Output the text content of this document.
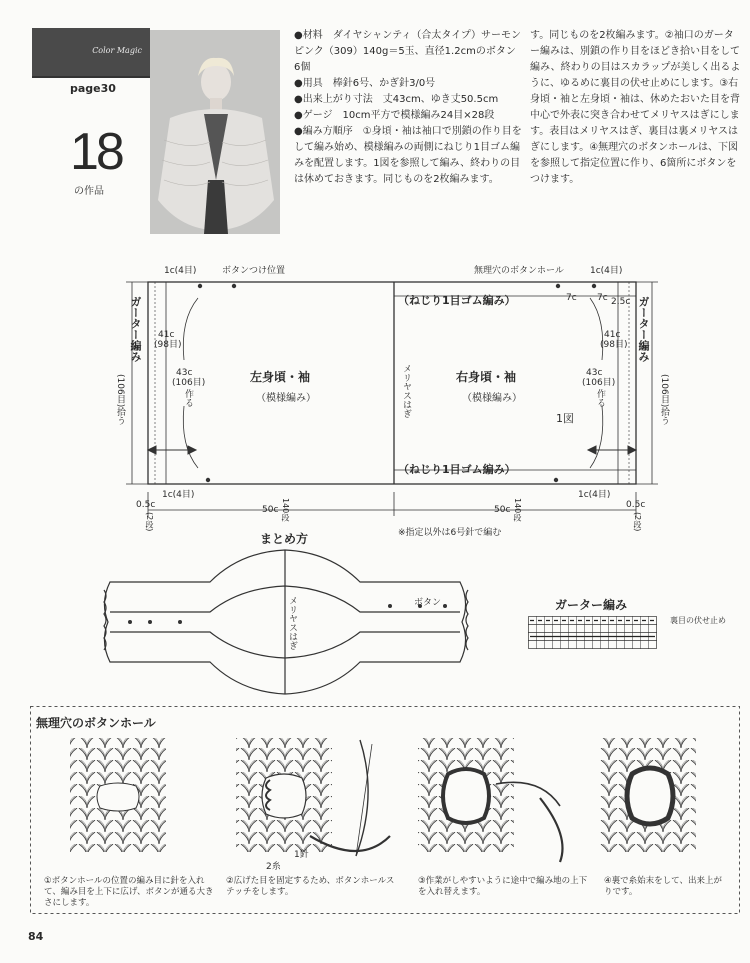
Color Magic
page30
18
の作品

●材料　ダイヤシャンティ（合太タイプ）サーモンピンク（309）140g＝5玉、直径1.2cmのボタン6個

●用具　棒針6号、かぎ針3/0号

●出来上がり寸法　丈43cm、ゆき丈50.5cm

●ゲージ　10cm平方で模様編み24目×28段

●編み方順序　①身頃・袖は袖口で別鎖の作り目をして編み始め、模様編みの両側にねじり1目ゴム編みを配置します。1図を参照して編み、終わりの目は休めておきます。同じものを2枚編みます。

す。同じものを2枚編みます。②袖口のガーター編みは、別鎖の作り目をほどき拾い目をして編み、終わりの目はスカラップが美しく出るように、ゆるめに裏目の伏せ止めにします。③右身頃・袖と左身頃・袖は、休めたおいた目を背中心で外表に突き合わせてメリヤスはぎにします。表目はメリヤスはぎ、裏目は裏メリヤスはぎにします。④無理穴のボタンホールは、下図を参照して指定位置に作り、6箇所にボタンをつけます。
1c(4目)	ボタンつけ位置	無理穴のボタンホール	1c(4目)
7c 7c 2.5c
（ねじり1目ゴム編み）
（ねじり1目ゴム編み）
左身頃・袖
（模様編み）
右身頃・袖
（模様編み）
1図
メリヤスはぎ
ガーター編み	ガーター編み
41c
(98目)
43c
(106目)
作る
(106目)拾う
41c
(98目)
43c
(106目)
作る	(106目)拾う
1c(4目)	1c(4目)
0.5c
(2段)
0.5c
(2段)
50c 140段	50c 140段
※指定以外は6号針で編む
まとめ方
メリヤスはぎ	ボタン	ガーター編み
裏目の伏せ止め
無理穴のボタンホール
1針
2糸
①ボタンホールの位置の編み目に針を入れて、編み目を上下に広げ、ボタンが通る大きさにします。
②広げた目を固定するため、ボタンホールステッチをします。
③作業がしやすいように途中で編み地の上下を入れ替えます。
④裏で糸始末をして、出来上がりです。
84
